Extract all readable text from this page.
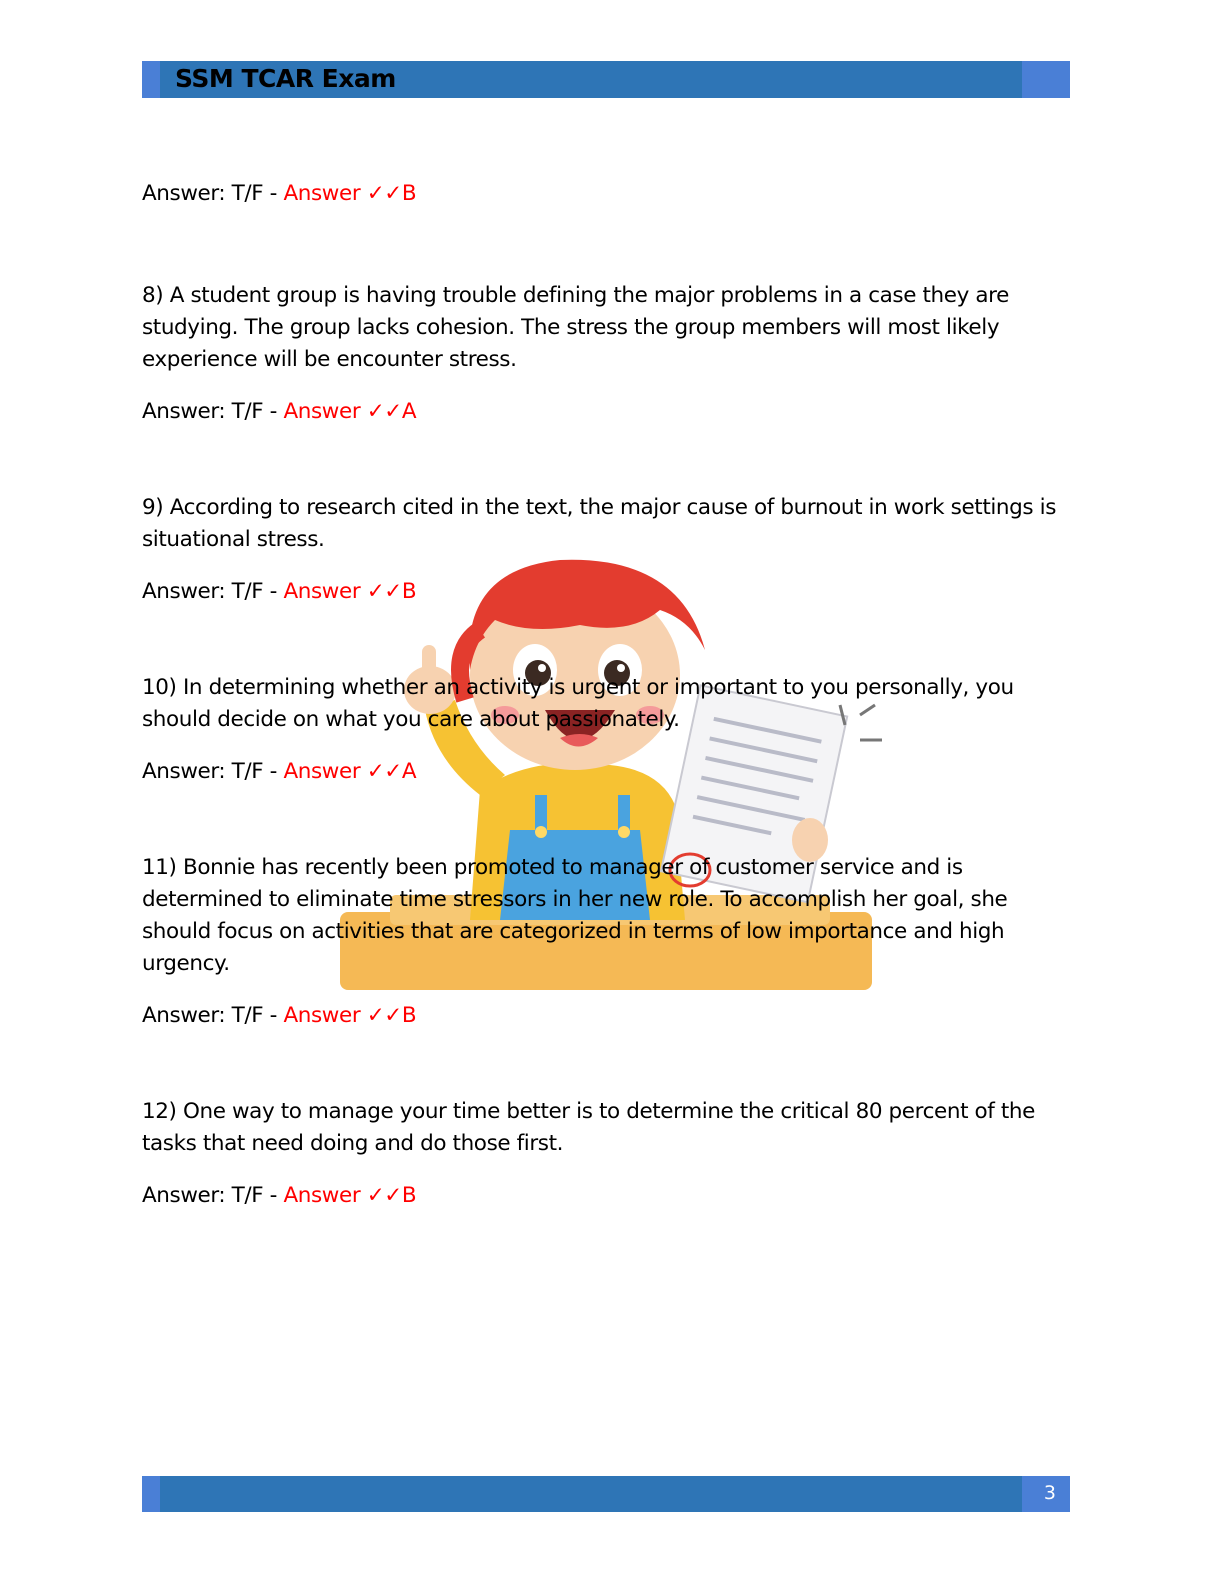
SSM TCAR Exam

Answer: T/F - Answer ✓✓B

8) A student group is having trouble defining the major problems in a case they are studying. The group lacks cohesion. The stress the group members will most likely experience will be encounter stress.

Answer: T/F - Answer ✓✓A

9) According to research cited in the text, the major cause of burnout in work settings is situational stress.

Answer: T/F - Answer ✓✓B

10) In determining whether an activity is urgent or important to you personally, you should decide on what you care about passionately.

Answer: T/F - Answer ✓✓A

11) Bonnie has recently been promoted to manager of customer service and is determined to eliminate time stressors in her new role. To accomplish her goal, she should focus on activities that are categorized in terms of low importance and high urgency.

Answer: T/F - Answer ✓✓B

12) One way to manage your time better is to determine the critical 80 percent of the tasks that need doing and do those first.

Answer: T/F - Answer ✓✓B

3
